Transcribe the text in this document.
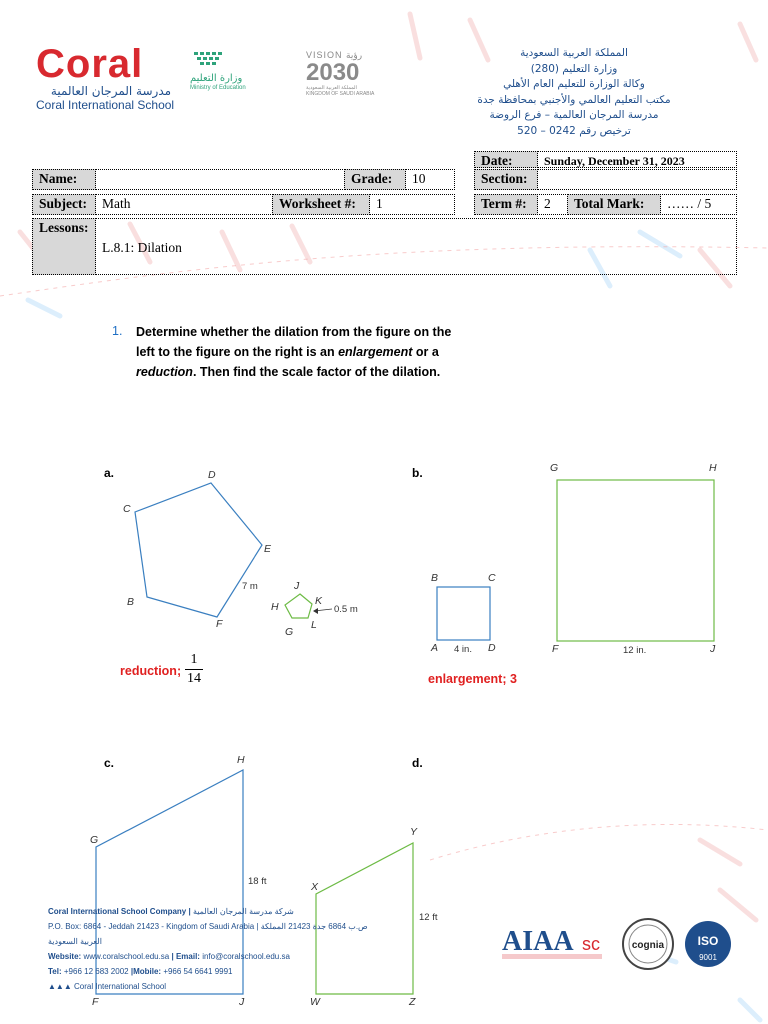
Coral
مدرسة المرجان العالمية
Coral International School
وزارة التعليم
Ministry of Education
VISION رؤية
2030
المملكة العربية السعودية KINGDOM OF SAUDI ARABIA
المملكة العربية السعودية
وزارة التعليم (280)
وكالة الوزارة للتعليم العام الأهلي
مكتب التعليم العالمي والأجنبي بمحافظة جدة
مدرسة المرجان العالمية – فرع الروضة
ترخيص رقم 0242 – 520
Date:	Sunday, December 31, 2023
Name:	Grade:	10	Section:
Subject:	Math	Worksheet #:	1	Term #:	2	Total Mark:	…… / 5
Lessons:
L.8.1: Dilation
1. Determine whether the dilation from the figure on the left to the figure on the right is an enlargement or a reduction. Then find the scale factor of the dilation.
a.	D
C
E
B
F
J
H	K
G
L
7 m
0.5 m
reduction;
1
14
b.	G	H
B	C
A	D	F	J
4 in.	12 in.
enlargement; 3
c.	H
G
F	J
18 ft
d.
Y
X
W	Z
12 ft
Coral International School Company | شركة مدرسة المرجان العالمية
P.O. Box: 6864 - Jeddah 21423 - Kingdom of Saudi Arabia | ص.ب 6864 جدة 21423 المملكة العربية السعودية
Website: www.coralschool.edu.sa | Email: info@coralschool.edu.sa
Tel: +966 12 683 2002 |Mobile: +966 54 6641 9991
▲▲▲ Coral International School
AIAA sc	cognia	ISO
9001
